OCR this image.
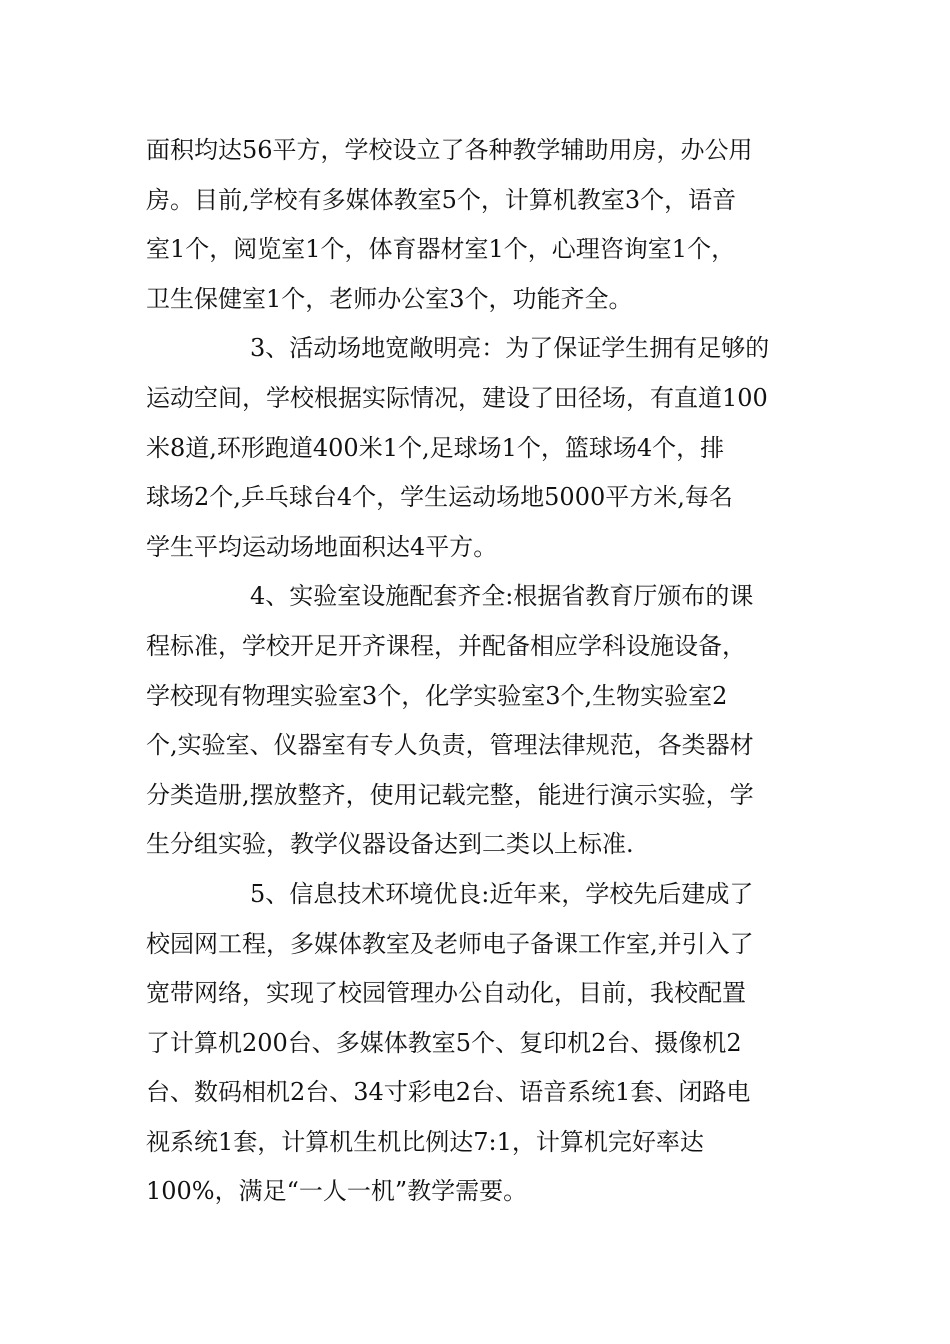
面积均达56平方，学校设立了各种教学辅助用房，办公用
房。目前,学校有多媒体教室5个，计算机教室3个，语音
室1个，阅览室1个，体育器材室1个，心理咨询室1个，
卫生保健室1个，老师办公室3个，功能齐全。
3、活动场地宽敞明亮：为了保证学生拥有足够的
运动空间，学校根据实际情况，建设了田径场，有直道100
米8道,环形跑道400米1个,足球场1个，篮球场4个，排
球场2个,乒乓球台4个，学生运动场地5000平方米,每名
学生平均运动场地面积达4平方。
4、实验室设施配套齐全:根据省教育厅颁布的课
程标准，学校开足开齐课程，并配备相应学科设施设备，
学校现有物理实验室3个，化学实验室3个,生物实验室2
个,实验室、仪器室有专人负责，管理法律规范，各类器材
分类造册,摆放整齐，使用记载完整，能进行演示实验，学
生分组实验，教学仪器设备达到二类以上标准.
5、信息技术环境优良:近年来，学校先后建成了
校园网工程，多媒体教室及老师电子备课工作室,并引入了
宽带网络，实现了校园管理办公自动化，目前，我校配置
了计算机200台、多媒体教室5个、复印机2台、摄像机2
台、数码相机2台、34寸彩电2台、语音系统1套、闭路电
视系统1套，计算机生机比例达7:1，计算机完好率达
100%，满足“一人一机”教学需要。
